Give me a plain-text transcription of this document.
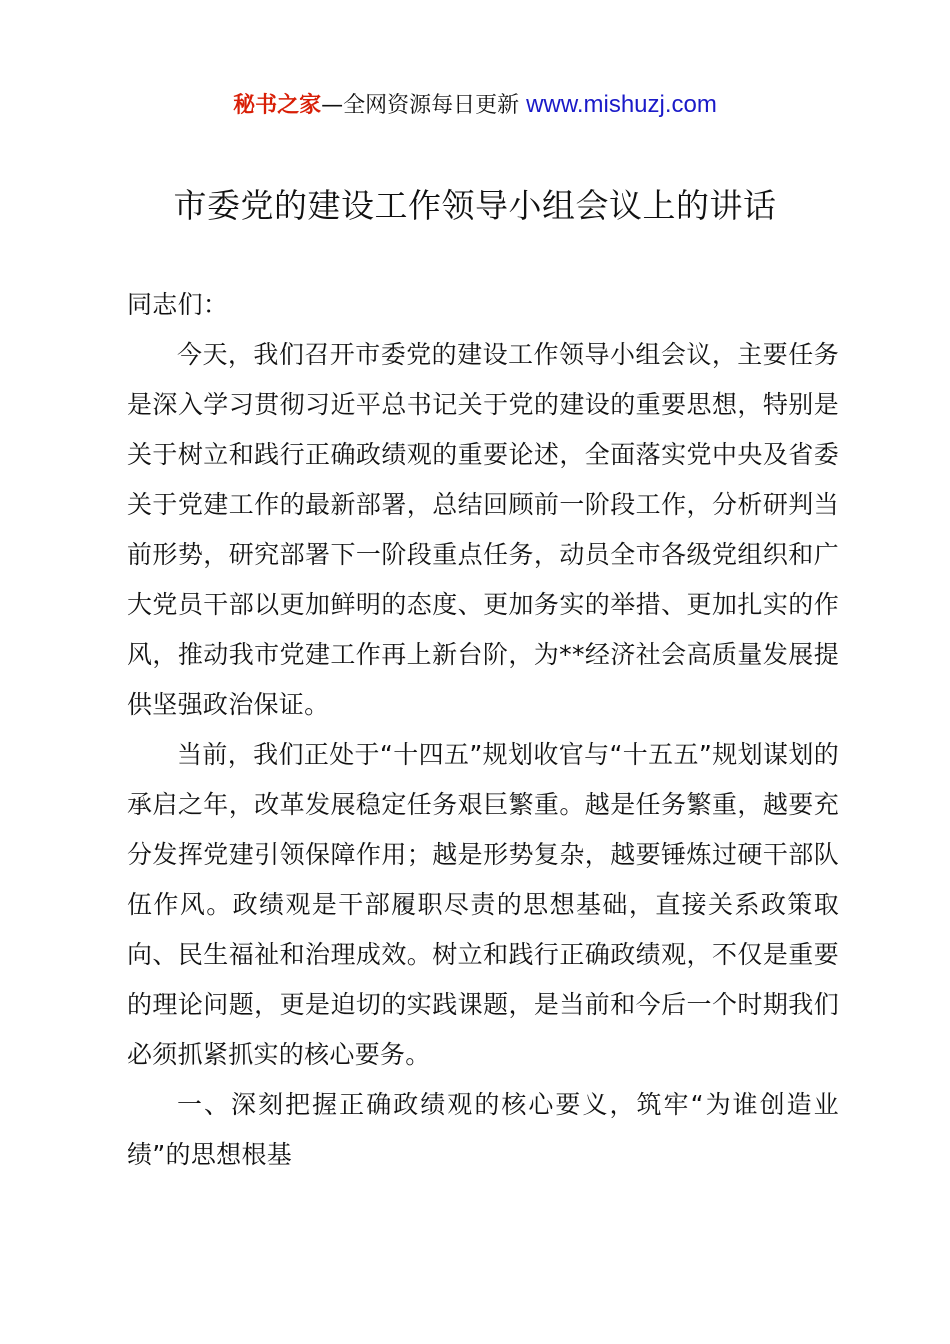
秘书之家—全网资源每日更新 www.mishuzj.com
市委党的建设工作领导小组会议上的讲话

同志们：

今天，我们召开市委党的建设工作领导小组会议，主要任务是深入学习贯彻习近平总书记关于党的建设的重要思想，特别是关于树立和践行正确政绩观的重要论述，全面落实党中央及省委关于党建工作的最新部署，总结回顾前一阶段工作，分析研判当前形势，研究部署下一阶段重点任务，动员全市各级党组织和广大党员干部以更加鲜明的态度、更加务实的举措、更加扎实的作风，推动我市党建工作再上新台阶，为**经济社会高质量发展提供坚强政治保证。

当前，我们正处于“十四五”规划收官与“十五五”规划谋划的承启之年，改革发展稳定任务艰巨繁重。越是任务繁重，越要充分发挥党建引领保障作用；越是形势复杂，越要锤炼过硬干部队伍作风。政绩观是干部履职尽责的思想基础，直接关系政策取向、民生福祉和治理成效。树立和践行正确政绩观，不仅是重要的理论问题，更是迫切的实践课题，是当前和今后一个时期我们必须抓紧抓实的核心要务。

一、深刻把握正确政绩观的核心要义，筑牢“为谁创造业绩”的思想根基
